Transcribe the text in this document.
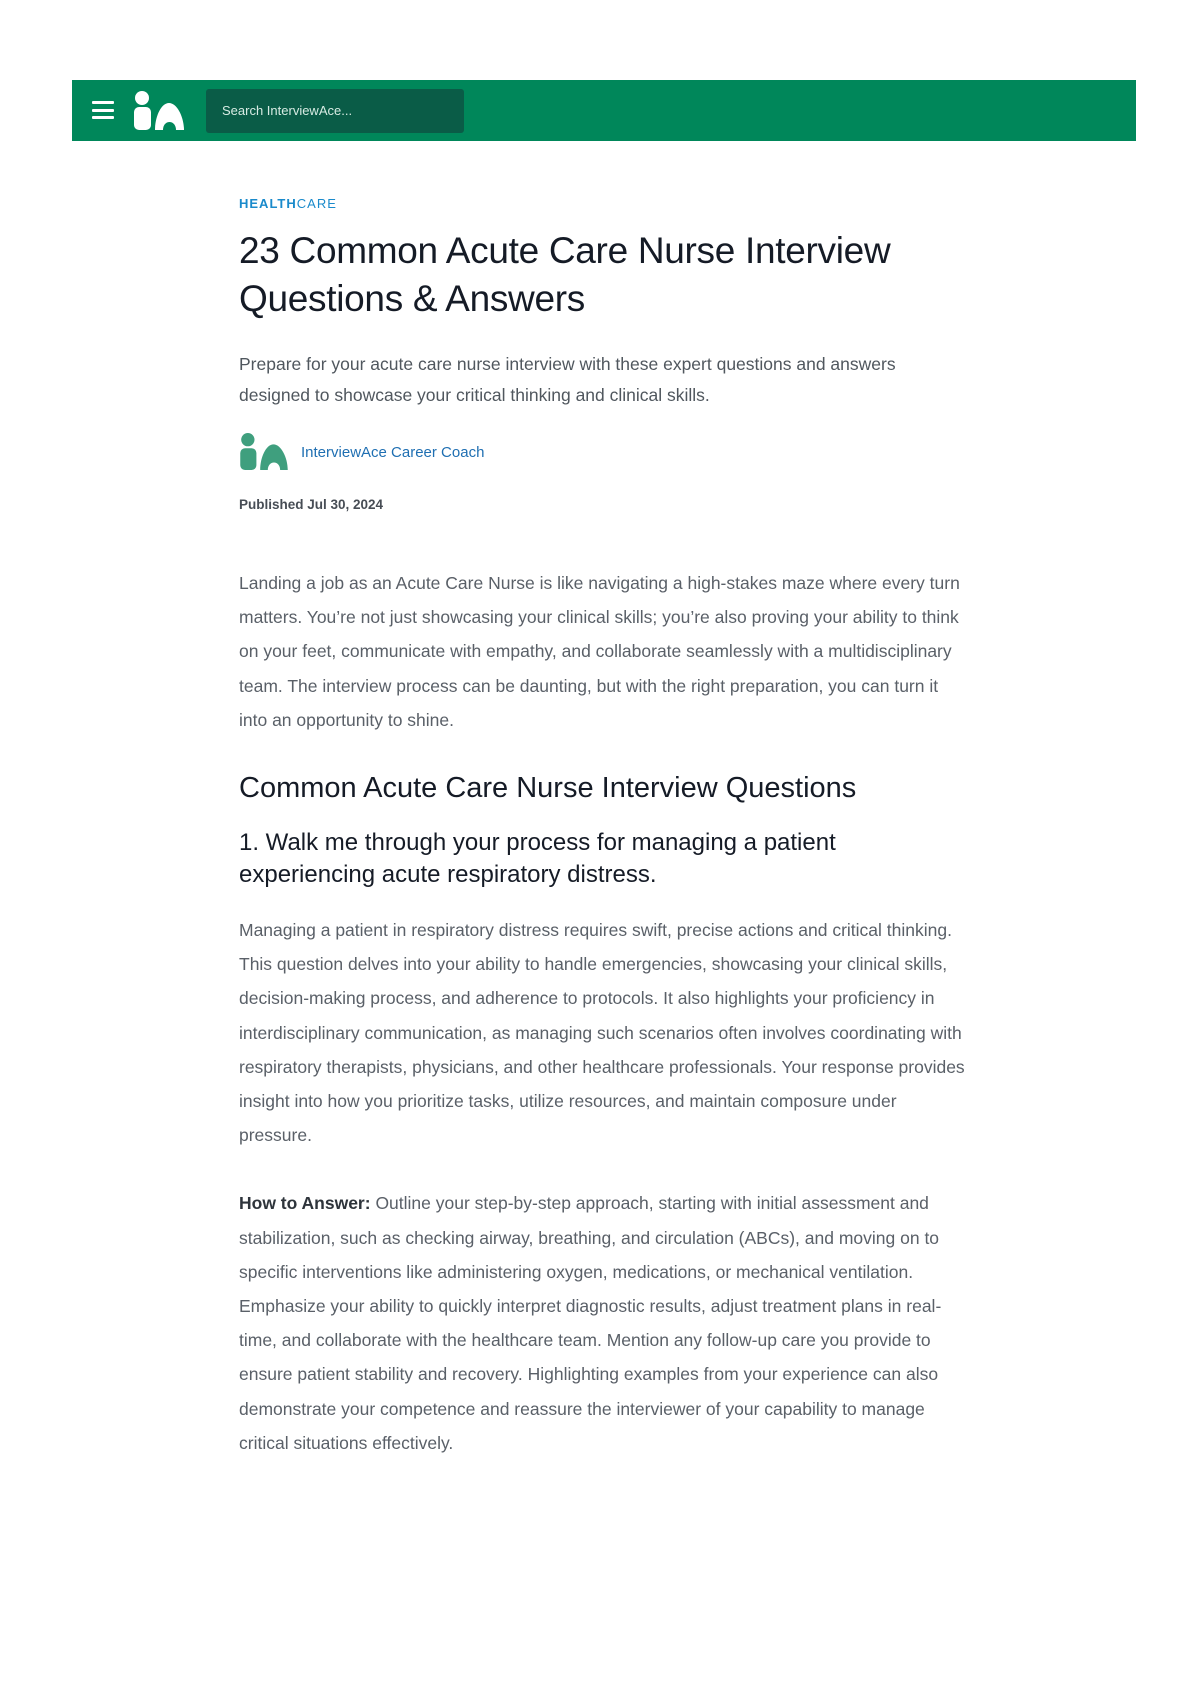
Search InterviewAce...

HEALTHCARE

23 Common Acute Care Nurse Interview Questions & Answers

Prepare for your acute care nurse interview with these expert questions and answers designed to showcase your critical thinking and clinical skills.

InterviewAce Career Coach

Published Jul 30, 2024

Landing a job as an Acute Care Nurse is like navigating a high-stakes maze where every turn matters. You’re not just showcasing your clinical skills; you’re also proving your ability to think on your feet, communicate with empathy, and collaborate seamlessly with a multidisciplinary team. The interview process can be daunting, but with the right preparation, you can turn it into an opportunity to shine.

Common Acute Care Nurse Interview Questions
1. Walk me through your process for managing a patient experiencing acute respiratory distress.

Managing a patient in respiratory distress requires swift, precise actions and critical thinking. This question delves into your ability to handle emergencies, showcasing your clinical skills, decision-making process, and adherence to protocols. It also highlights your proficiency in interdisciplinary communication, as managing such scenarios often involves coordinating with respiratory therapists, physicians, and other healthcare professionals. Your response provides insight into how you prioritize tasks, utilize resources, and maintain composure under pressure.

How to Answer: Outline your step-by-step approach, starting with initial assessment and stabilization, such as checking airway, breathing, and circulation (ABCs), and moving on to specific interventions like administering oxygen, medications, or mechanical ventilation. Emphasize your ability to quickly interpret diagnostic results, adjust treatment plans in real-time, and collaborate with the healthcare team. Mention any follow-up care you provide to ensure patient stability and recovery. Highlighting examples from your experience can also demonstrate your competence and reassure the interviewer of your capability to manage critical situations effectively.
